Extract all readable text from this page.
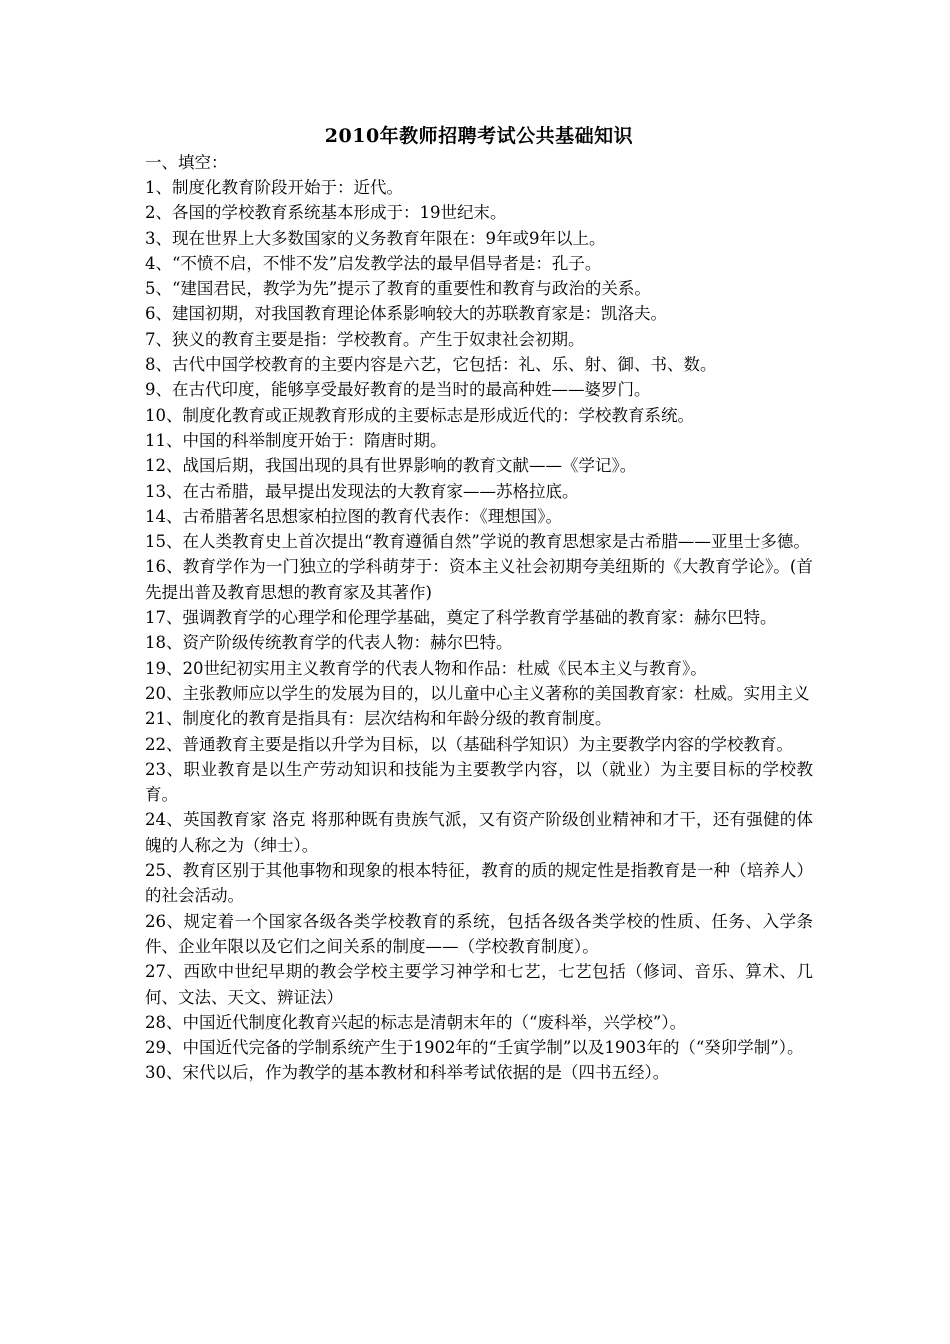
2010年教师招聘考试公共基础知识

一、填空：

1、制度化教育阶段开始于：近代。
2、各国的学校教育系统基本形成于：19世纪末。
3、现在世界上大多数国家的义务教育年限在：9年或9年以上。
4、“不愤不启，不悱不发”启发教学法的最早倡导者是：孔子。
5、“建国君民，教学为先”提示了教育的重要性和教育与政治的关系。
6、建国初期，对我国教育理论体系影响较大的苏联教育家是：凯洛夫。
7、狭义的教育主要是指：学校教育。产生于奴隶社会初期。
8、古代中国学校教育的主要内容是六艺，它包括：礼、乐、射、御、书、数。
9、在古代印度，能够享受最好教育的是当时的最高种姓——婆罗门。
10、制度化教育或正规教育形成的主要标志是形成近代的：学校教育系统。
11、中国的科举制度开始于：隋唐时期。
12、战国后期，我国出现的具有世界影响的教育文献——《学记》。
13、在古希腊，最早提出发现法的大教育家——苏格拉底。
14、古希腊著名思想家柏拉图的教育代表作：《理想国》。
15、在人类教育史上首次提出“教育遵循自然”学说的教育思想家是古希腊——亚里士多德。
16、教育学作为一门独立的学科萌芽于：资本主义社会初期夸美纽斯的《大教育学论》。(首先提出普及教育思想的教育家及其著作)
17、强调教育学的心理学和伦理学基础，奠定了科学教育学基础的教育家：赫尔巴特。
18、资产阶级传统教育学的代表人物：赫尔巴特。
19、20世纪初实用主义教育学的代表人物和作品：杜威《民本主义与教育》。
20、主张教师应以学生的发展为目的，以儿童中心主义著称的美国教育家：杜威。实用主义
21、制度化的教育是指具有：层次结构和年龄分级的教育制度。
22、普通教育主要是指以升学为目标，以（基础科学知识）为主要教学内容的学校教育。
23、职业教育是以生产劳动知识和技能为主要教学内容，以（就业）为主要目标的学校教育。
24、英国教育家 洛克 将那种既有贵族气派，又有资产阶级创业精神和才干，还有强健的体魄的人称之为（绅士）。
25、教育区别于其他事物和现象的根本特征，教育的质的规定性是指教育是一种（培养人）的社会活动。
26、规定着一个国家各级各类学校教育的系统，包括各级各类学校的性质、任务、入学条件、企业年限以及它们之间关系的制度——（学校教育制度）。
27、西欧中世纪早期的教会学校主要学习神学和七艺，七艺包括（修词、音乐、算术、几何、文法、天文、辨证法）
28、中国近代制度化教育兴起的标志是清朝末年的（“废科举，兴学校”）。
29、中国近代完备的学制系统产生于1902年的“壬寅学制”以及1903年的（“癸卯学制”）。
30、宋代以后，作为教学的基本教材和科举考试依据的是（四书五经）。
